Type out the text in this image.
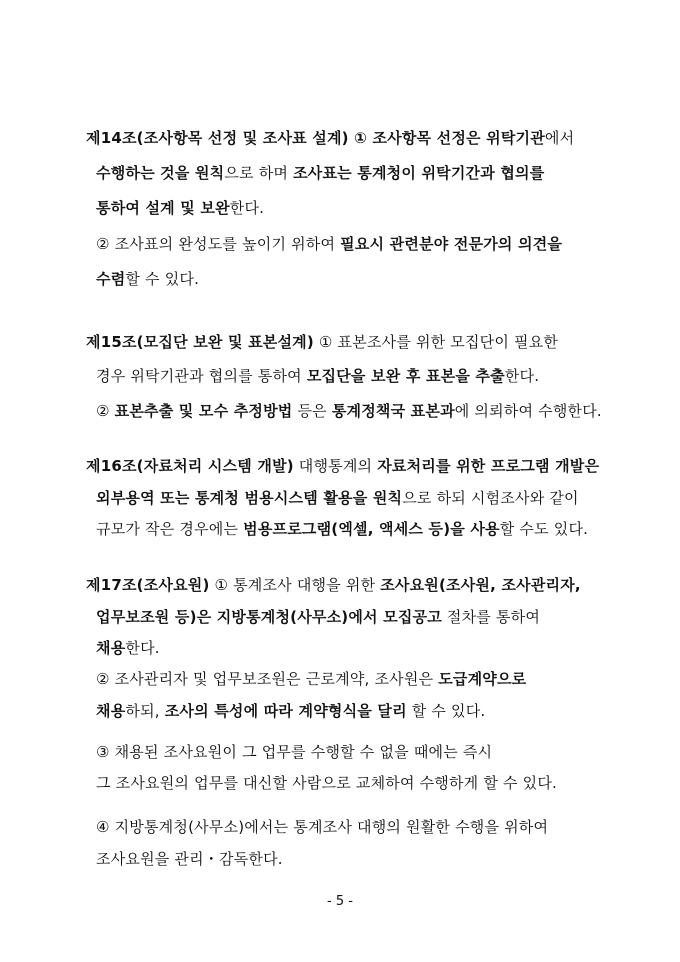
제14조(조사항목 선정 및 조사표 설계) ① 조사항목 선정은 위탁기관에서
수행하는 것을 원칙으로 하며 조사표는 통계청이 위탁기간과 협의를
통하여 설계 및 보완한다.
② 조사표의 완성도를 높이기 위하여 필요시 관련분야 전문가의 의견을
수렴할 수 있다.
제15조(모집단 보완 및 표본설계) ① 표본조사를 위한 모집단이 필요한
경우 위탁기관과 협의를 통하여 모집단을 보완 후 표본을 추출한다.
② 표본추출 및 모수 추정방법 등은 통계정책국 표본과에 의뢰하여 수행한다.
제16조(자료처리 시스템 개발) 대행통계의 자료처리를 위한 프로그램 개발은
외부용역 또는 통계청 범용시스템 활용을 원칙으로 하되 시험조사와 같이
규모가 작은 경우에는 범용프로그램(엑셀, 액세스 등)을 사용할 수도 있다.
제17조(조사요원) ① 통계조사 대행을 위한 조사요원(조사원, 조사관리자,
업무보조원 등)은 지방통계청(사무소)에서 모집공고 절차를 통하여
채용한다.
② 조사관리자 및 업무보조원은 근로계약, 조사원은 도급계약으로
채용하되, 조사의 특성에 따라 계약형식을 달리 할 수 있다.
③ 채용된 조사요원이 그 업무를 수행할 수 없을 때에는 즉시
그 조사요원의 업무를 대신할 사람으로 교체하여 수행하게 할 수 있다.
④ 지방통계청(사무소)에서는 통계조사 대행의 원활한 수행을 위하여
조사요원을 관리・감독한다.
- 5 -
